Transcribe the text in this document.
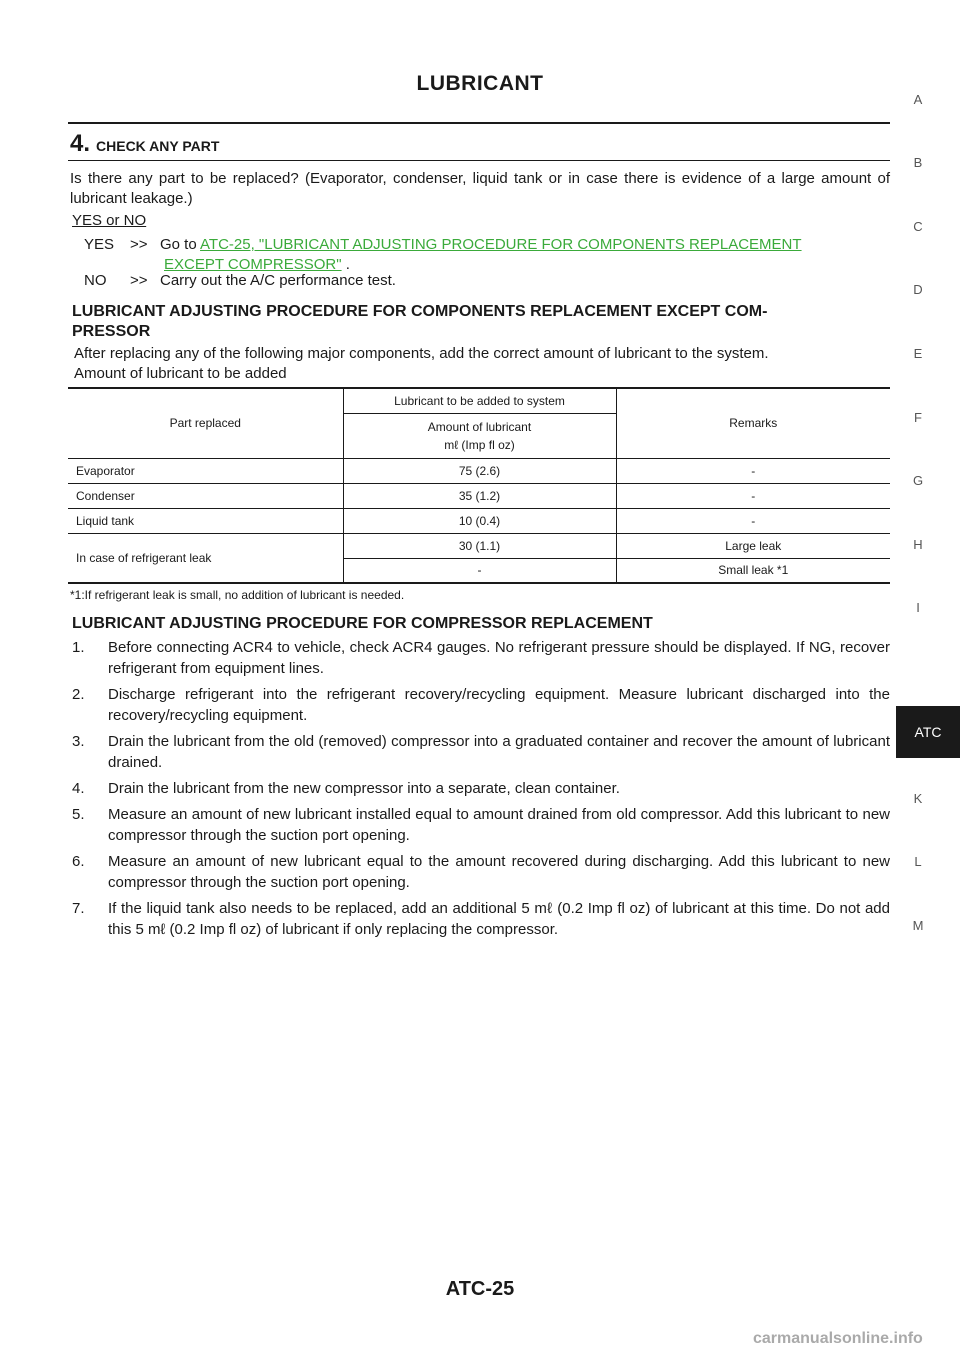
LUBRICANT
4. CHECK ANY PART
Is there any part to be replaced? (Evaporator, condenser, liquid tank or in case there is evidence of a large amount of lubricant leakage.)
YES or NO
YES >> Go to ATC-25, "LUBRICANT ADJUSTING PROCEDURE FOR COMPONENTS REPLACEMENT
EXCEPT COMPRESSOR" .
NO >> Carry out the A/C performance test.
LUBRICANT ADJUSTING PROCEDURE FOR COMPONENTS REPLACEMENT EXCEPT COM-
PRESSOR
After replacing any of the following major components, add the correct amount of lubricant to the system.
Amount of lubricant to be added
Part replaced	Lubricant to be added to system	Remarks

	Amount of lubricant
mℓ (Imp fl oz)	

Evaporator	75 (2.6)	-
Condenser	35 (1.2)	-
Liquid tank	10 (0.4)	-
In case of refrigerant leak	30 (1.1)	Large leak
	-	Small leak *1
*1:If refrigerant leak is small, no addition of lubricant is needed.
LUBRICANT ADJUSTING PROCEDURE FOR COMPRESSOR REPLACEMENT
1.	Before connecting ACR4 to vehicle, check ACR4 gauges. No refrigerant pressure should be displayed. If NG, recover refrigerant from equipment lines.
2.	Discharge refrigerant into the refrigerant recovery/recycling equipment. Measure lubricant discharged into the recovery/recycling equipment.
3.	Drain the lubricant from the old (removed) compressor into a graduated container and recover the amount of lubricant drained.
4.	Drain the lubricant from the new compressor into a separate, clean container.
5.	Measure an amount of new lubricant installed equal to amount drained from old compressor. Add this lubricant to new compressor through the suction port opening.
6.	Measure an amount of new lubricant equal to the amount recovered during discharging. Add this lubricant to new compressor through the suction port opening.
7.	If the liquid tank also needs to be replaced, add an additional 5 mℓ (0.2 Imp fl oz) of lubricant at this time. Do not add this 5 mℓ (0.2 Imp fl oz) of lubricant if only replacing the compressor.
A
B
C
D
E
F
G
H
I
ATC
K
L
M
ATC-25
carmanualsonline.info
